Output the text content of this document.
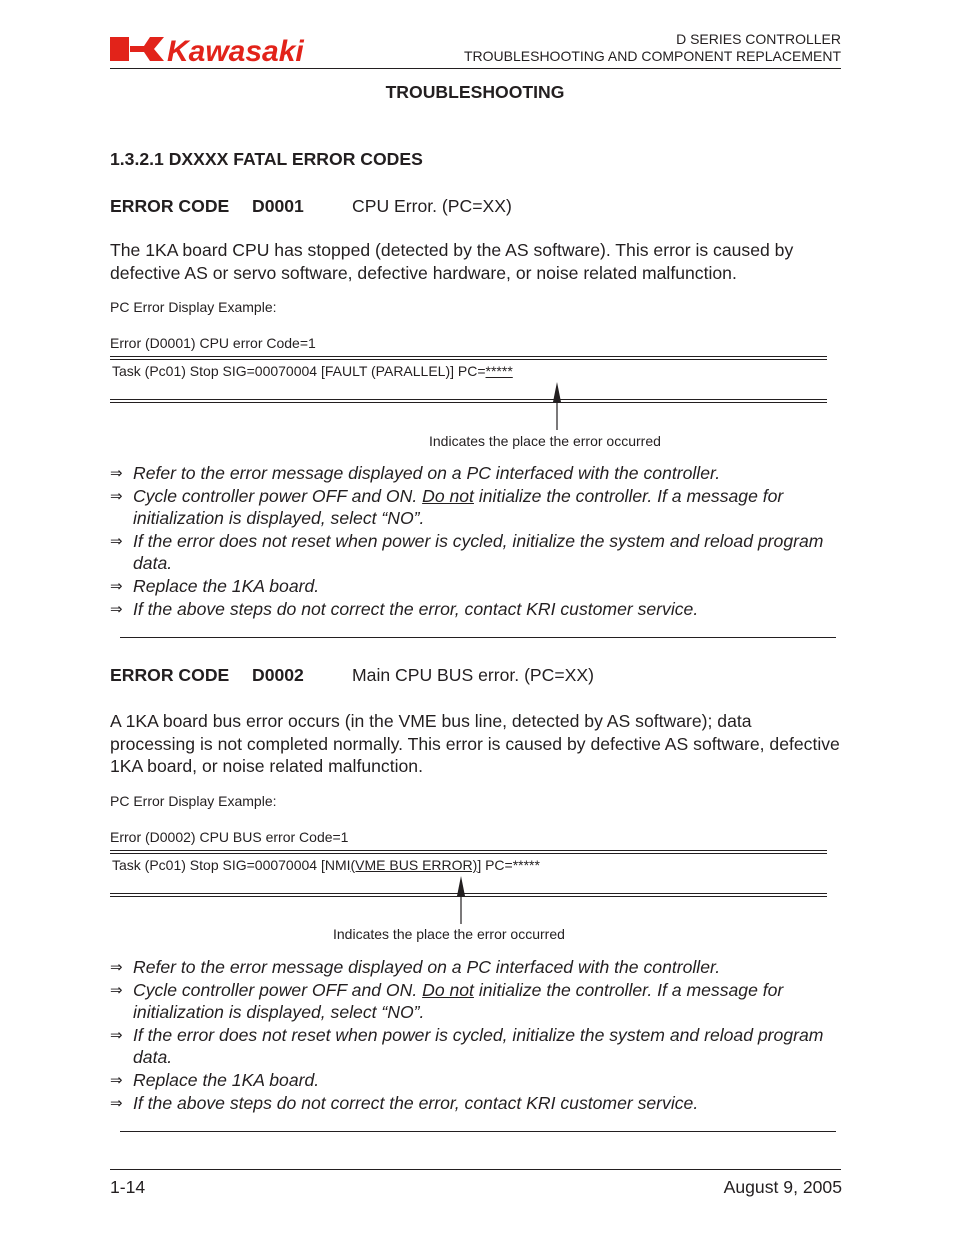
Kawasaki	D SERIES CONTROLLER
TROUBLESHOOTING AND COMPONENT REPLACEMENT
TROUBLESHOOTING
1.3.2.1 DXXXX FATAL ERROR CODES
ERROR CODE D0001	CPU Error. (PC=XX)
The 1KA board CPU has stopped (detected by the AS software). This error is caused by defective AS or servo software, defective hardware, or noise related malfunction.
PC Error Display Example:
Error (D0001) CPU error Code=1
Task (Pc01) Stop SIG=00070004 [FAULT (PARALLEL)] PC=*****
Indicates the place the error occurred
⇒ Refer to the error message displayed on a PC interfaced with the controller.
⇒ Cycle controller power OFF and ON. Do not initialize the controller. If a message for initialization is displayed, select “NO”.
⇒ If the error does not reset when power is cycled, initialize the system and reload program data.
⇒ Replace the 1KA board.
⇒ If the above steps do not correct the error, contact KRI customer service.
ERROR CODE D0002	Main CPU BUS error. (PC=XX)
A 1KA board bus error occurs (in the VME bus line, detected by AS software); data processing is not completed normally. This error is caused by defective AS software, defective 1KA board, or noise related malfunction.
PC Error Display Example:
Error (D0002) CPU BUS error Code=1
Task (Pc01) Stop SIG=00070004 [NMI(VME BUS ERROR)] PC=*****
Indicates the place the error occurred
⇒ Refer to the error message displayed on a PC interfaced with the controller.
⇒ Cycle controller power OFF and ON. Do not initialize the controller. If a message for initialization is displayed, select “NO”.
⇒ If the error does not reset when power is cycled, initialize the system and reload program data.
⇒ Replace the 1KA board.
⇒ If the above steps do not correct the error, contact KRI customer service.
1-14	August 9, 2005
